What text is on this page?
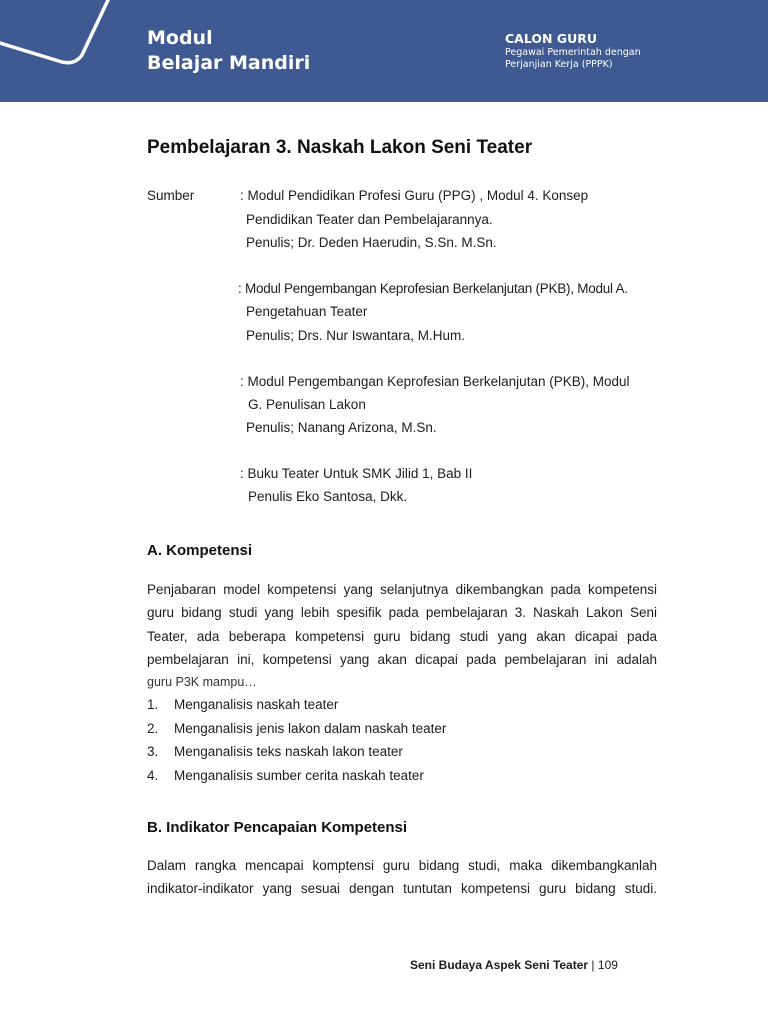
Modul
Belajar Mandiri
CALON GURU
Pegawai Pemerintah dengan
Perjanjian Kerja (PPPK)
Pembelajaran 3. Naskah Lakon Seni Teater
Sumber	: Modul Pendidikan Profesi Guru (PPG) , Modul 4. Konsep
Pendidikan Teater dan Pembelajarannya.
Penulis; Dr. Deden Haerudin, S.Sn. M.Sn.
: Modul Pengembangan Keprofesian Berkelanjutan (PKB), Modul A.
Pengetahuan Teater
Penulis; Drs. Nur Iswantara, M.Hum.
: Modul Pengembangan Keprofesian Berkelanjutan (PKB), Modul
G. Penulisan Lakon
Penulis; Nanang Arizona, M.Sn.
: Buku Teater Untuk SMK Jilid 1, Bab II
Penulis Eko Santosa, Dkk.
A. Kompetensi
Penjabaran model kompetensi yang selanjutnya dikembangkan pada kompetensi
guru bidang studi yang lebih spesifik pada pembelajaran 3. Naskah Lakon Seni
Teater, ada beberapa kompetensi guru bidang studi yang akan dicapai pada
pembelajaran ini, kompetensi yang akan dicapai pada pembelajaran ini adalah
guru P3K mampu…
1. Menganalisis naskah teater
2. Menganalisis jenis lakon dalam naskah teater
3. Menganalisis teks naskah lakon teater
4. Menganalisis sumber cerita naskah teater
B. Indikator Pencapaian Kompetensi
Dalam rangka mencapai komptensi guru bidang studi, maka dikembangkanlah
indikator-indikator yang sesuai dengan tuntutan kompetensi guru bidang studi.
Seni Budaya Aspek Seni Teater | 109
